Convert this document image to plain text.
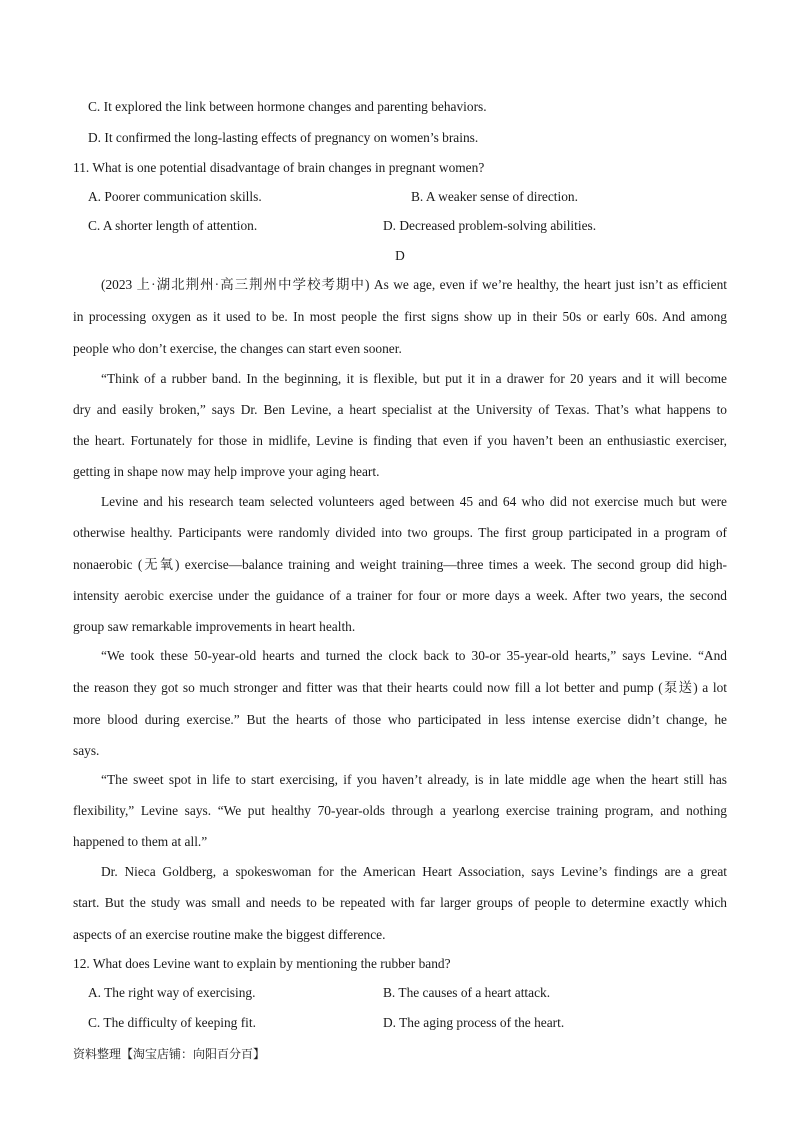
C. It explored the link between hormone changes and parenting behaviors.
D. It confirmed the long-lasting effects of pregnancy on women’s brains.
11. What is one potential disadvantage of brain changes in pregnant women?
A. Poorer communication skills.	B. A weaker sense of direction.
C. A shorter length of attention.	D. Decreased problem-solving abilities.
D
(2023 上·湖北荆州·高三荆州中学校考期中) As we age, even if we’re healthy, the heart just isn’t as efficient
in processing oxygen as it used to be. In most people the first signs show up in their 50s or early 60s. And among
people who don’t exercise, the changes can start even sooner.
“Think of a rubber band. In the beginning, it is flexible, but put it in a drawer for 20 years and it will become
dry and easily broken,” says Dr. Ben Levine, a heart specialist at the University of Texas. That’s what happens to
the heart. Fortunately for those in midlife, Levine is finding that even if you haven’t been an enthusiastic exerciser,
getting in shape now may help improve your aging heart.
Levine and his research team selected volunteers aged between 45 and 64 who did not exercise much but were
otherwise healthy. Participants were randomly divided into two groups. The first group participated in a program of
nonaerobic (无氧) exercise—balance training and weight training—three times a week. The second group did high-
intensity aerobic exercise under the guidance of a trainer for four or more days a week. After two years, the second
group saw remarkable improvements in heart health.
“We took these 50-year-old hearts and turned the clock back to 30-or 35-year-old hearts,” says Levine. “And
the reason they got so much stronger and fitter was that their hearts could now fill a lot better and pump (泵送) a lot
more blood during exercise.” But the hearts of those who participated in less intense exercise didn’t change, he
says.
“The sweet spot in life to start exercising, if you haven’t already, is in late middle age when the heart still has
flexibility,” Levine says. “We put healthy 70-year-olds through a yearlong exercise training program, and nothing
happened to them at all.”
Dr. Nieca Goldberg, a spokeswoman for the American Heart Association, says Levine’s findings are a great
start. But the study was small and needs to be repeated with far larger groups of people to determine exactly which
aspects of an exercise routine make the biggest difference.
12. What does Levine want to explain by mentioning the rubber band?
A. The right way of exercising.	B. The causes of a heart attack.
C. The difficulty of keeping fit.	D. The aging process of the heart.
资料整理【淘宝店铺：向阳百分百】
